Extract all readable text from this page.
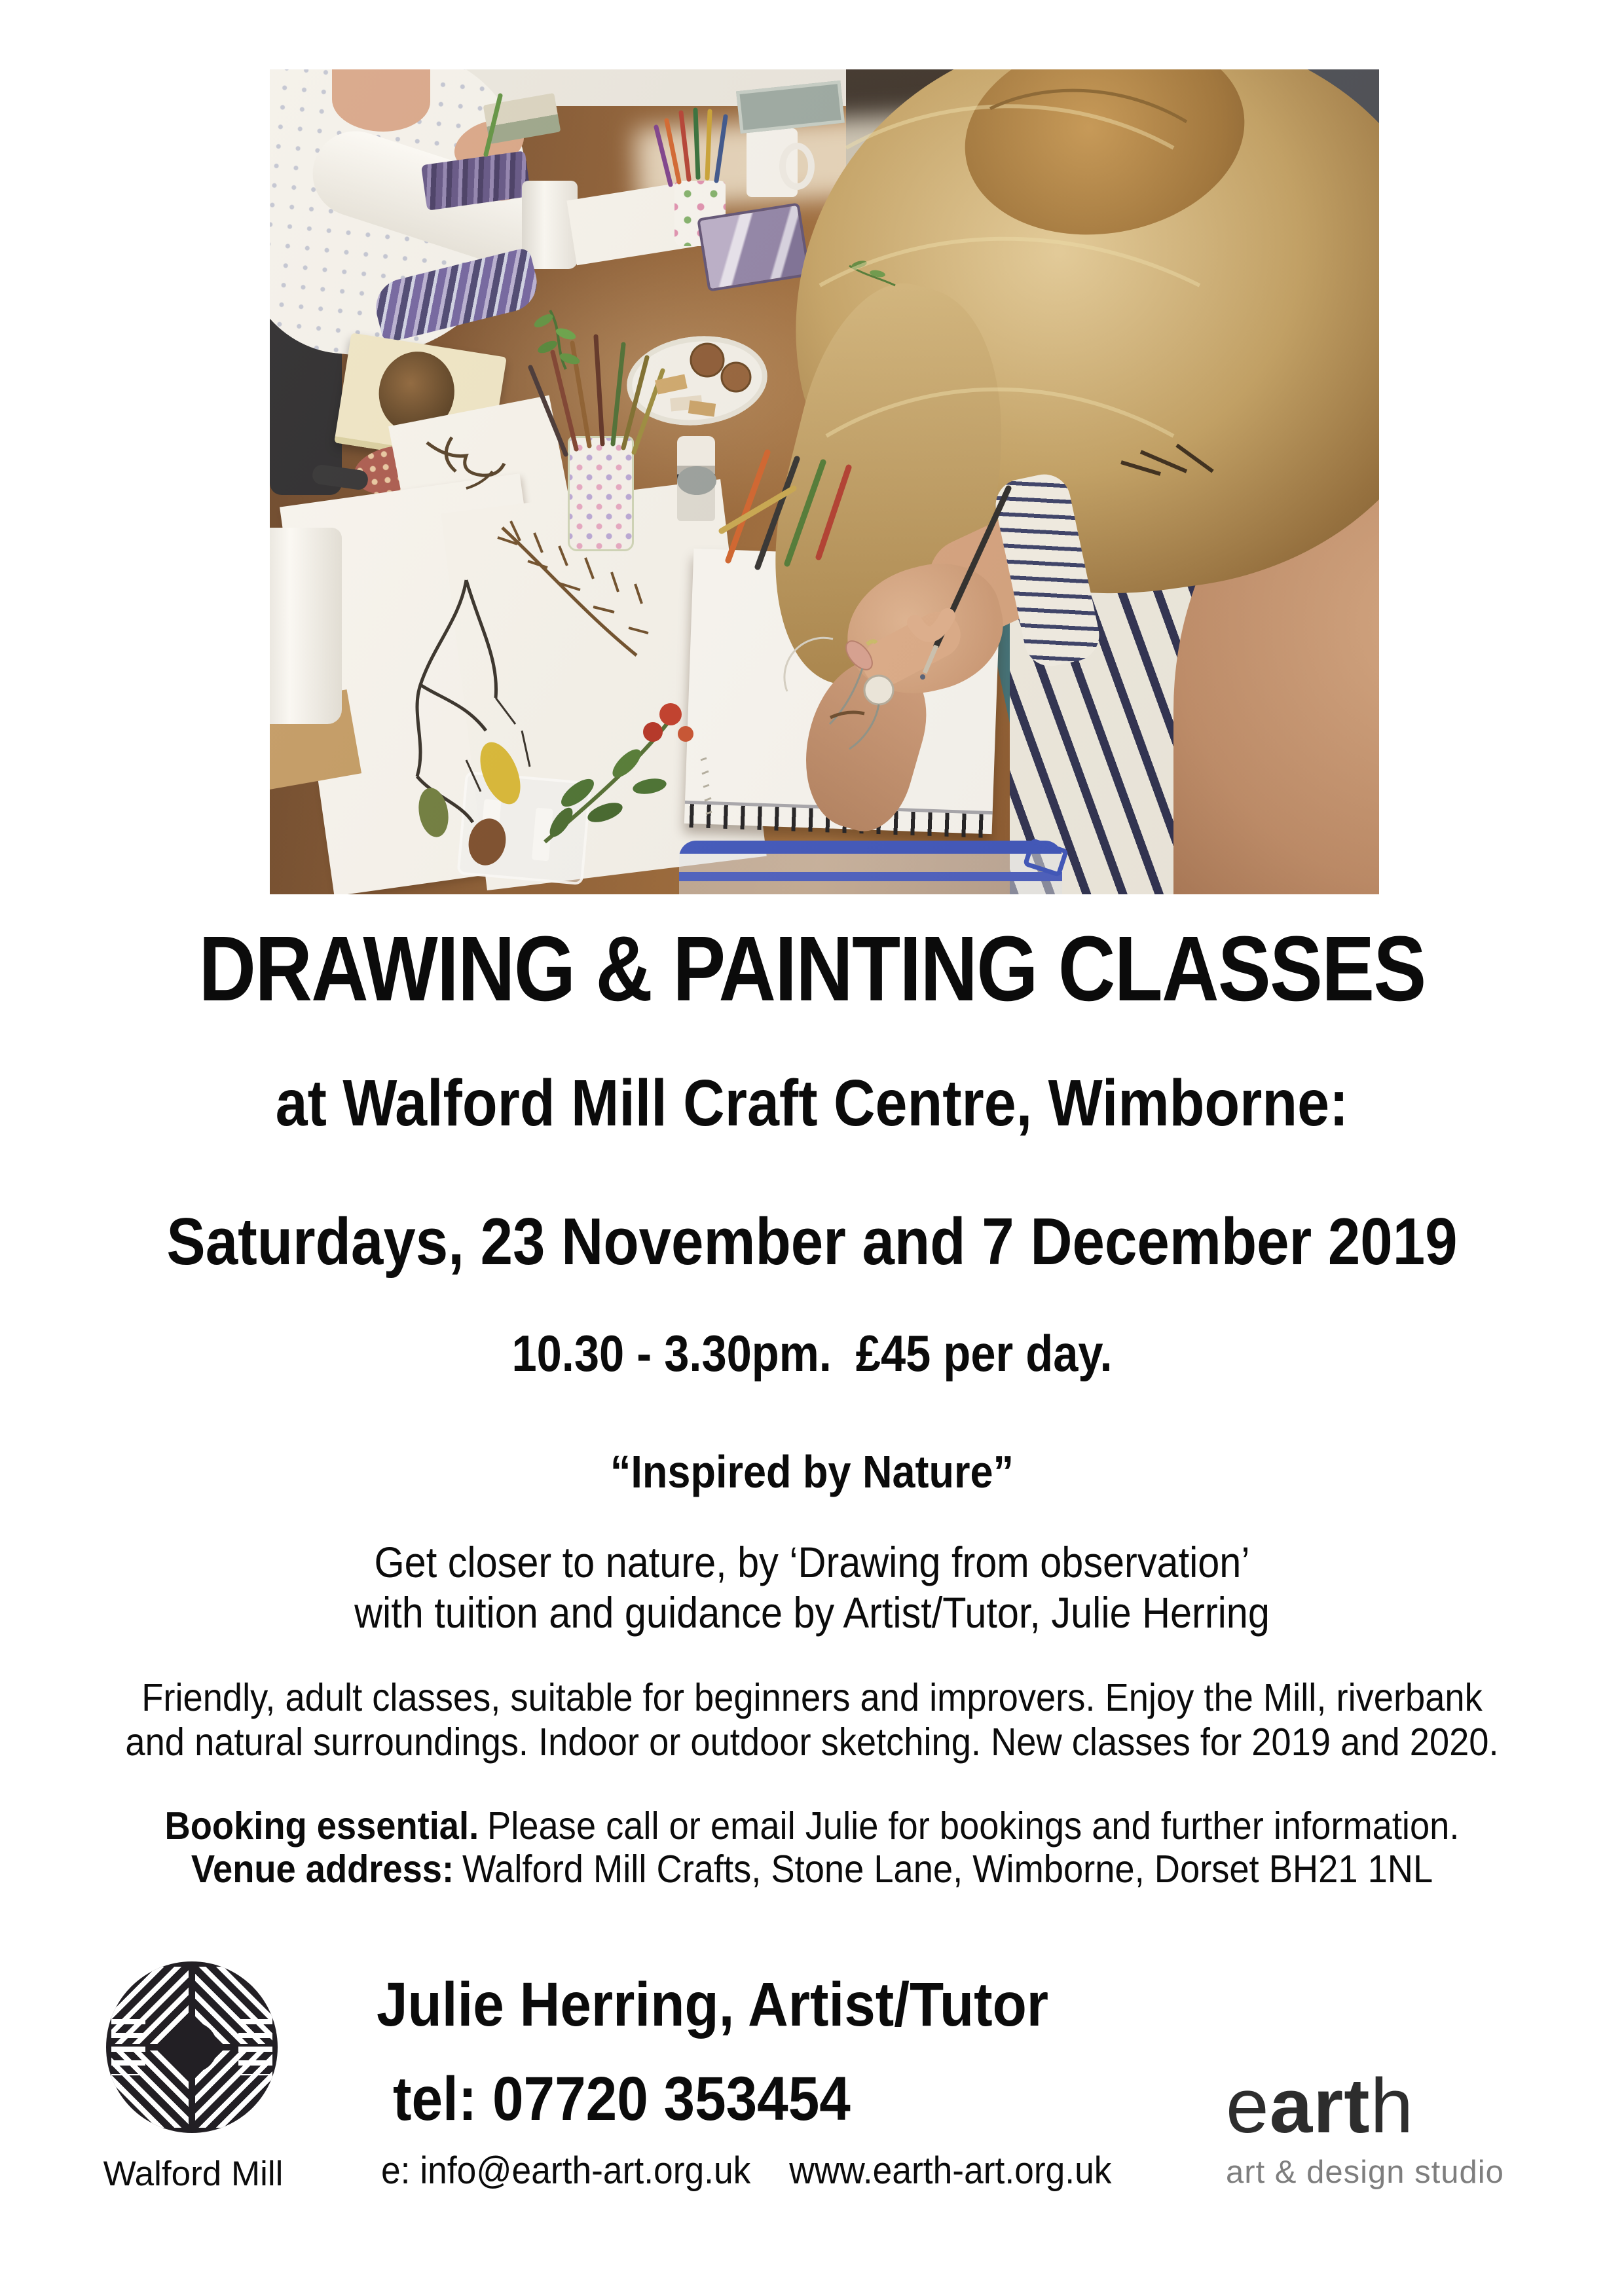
DRAWING & PAINTING CLASSES
at Walford Mill Craft Centre, Wimborne:
Saturdays, 23 November and 7 December 2019
10.30 - 3.30pm. £45 per day.
“Inspired by Nature”
Get closer to nature, by ‘Drawing from observation’
with tuition and guidance by Artist/Tutor, Julie Herring
Friendly, adult classes, suitable for beginners and improvers. Enjoy the Mill, riverbank
and natural surroundings. Indoor or outdoor sketching. New classes for 2019 and 2020.
Booking essential. Please call or email Julie for bookings and further information.
Venue address: Walford Mill Crafts, Stone Lane, Wimborne, Dorset BH21 1NL
Walford Mill
Julie Herring, Artist/Tutor
tel: 07720 353454
e: info@earth-art.org.uk www.earth-art.org.uk
earth
art & design studio
